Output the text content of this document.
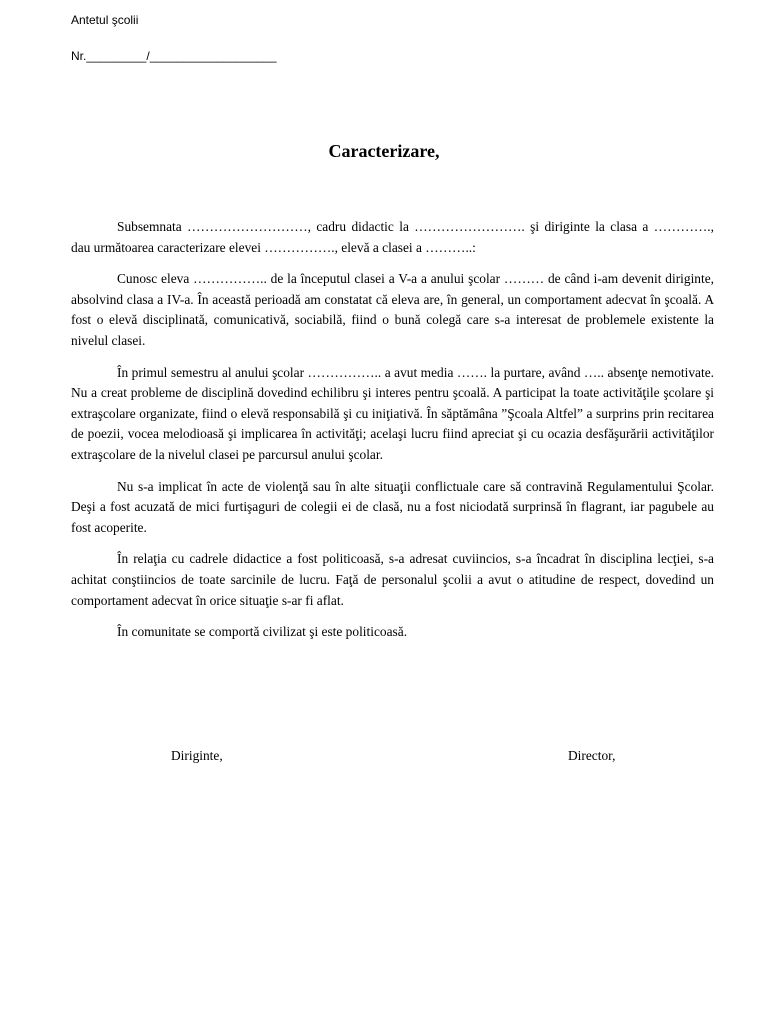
Antetul şcolii
Nr._________/___________________
Caracterizare,

Subsemnata ………………………, cadru didactic la ……………………. şi diriginte la clasa a …………., dau următoarea caracterizare elevei ……………., elevă a clasei a ………..:

Cunosc eleva …………….. de la începutul clasei a V-a a anului şcolar ……… de când i-am devenit diriginte, absolvind clasa a IV-a. În această perioadă am constatat că eleva are, în general, un comportament adecvat în şcoală. A fost o elevă disciplinată, comunicativă, sociabilă, fiind o bună colegă care s-a interesat de problemele existente la nivelul clasei.

În primul semestru al anului şcolar …………….. a avut media ……. la purtare, având ….. absenţe nemotivate. Nu a creat probleme de disciplină dovedind echilibru şi interes pentru şcoală. A participat la toate activităţile şcolare şi extraşcolare organizate, fiind o elevă responsabilă şi cu iniţiativă. În săptămâna ”Şcoala Altfel” a surprins prin recitarea de poezii, vocea melodioasă şi implicarea în activităţi; acelaşi lucru fiind apreciat şi cu ocazia desfăşurării activităţilor extraşcolare de la nivelul clasei pe parcursul anului şcolar.

Nu s-a implicat în acte de violenţă sau în alte situaţii conflictuale care să contravină Regulamentului Şcolar. Deşi a fost acuzată de mici furtişaguri de colegii ei de clasă, nu a fost niciodată surprinsă în flagrant, iar pagubele au fost acoperite.

În relaţia cu cadrele didactice a fost politicoasă, s-a adresat cuviincios, s-a încadrat în disciplina lecţiei, s-a achitat conştiincios de toate sarcinile de lucru. Faţă de personalul şcolii a avut o atitudine de respect, dovedind un comportament adecvat în orice situaţie s-ar fi aflat.

În comunitate se comportă civilizat şi este politicoasă.

Diriginte,	Director,
